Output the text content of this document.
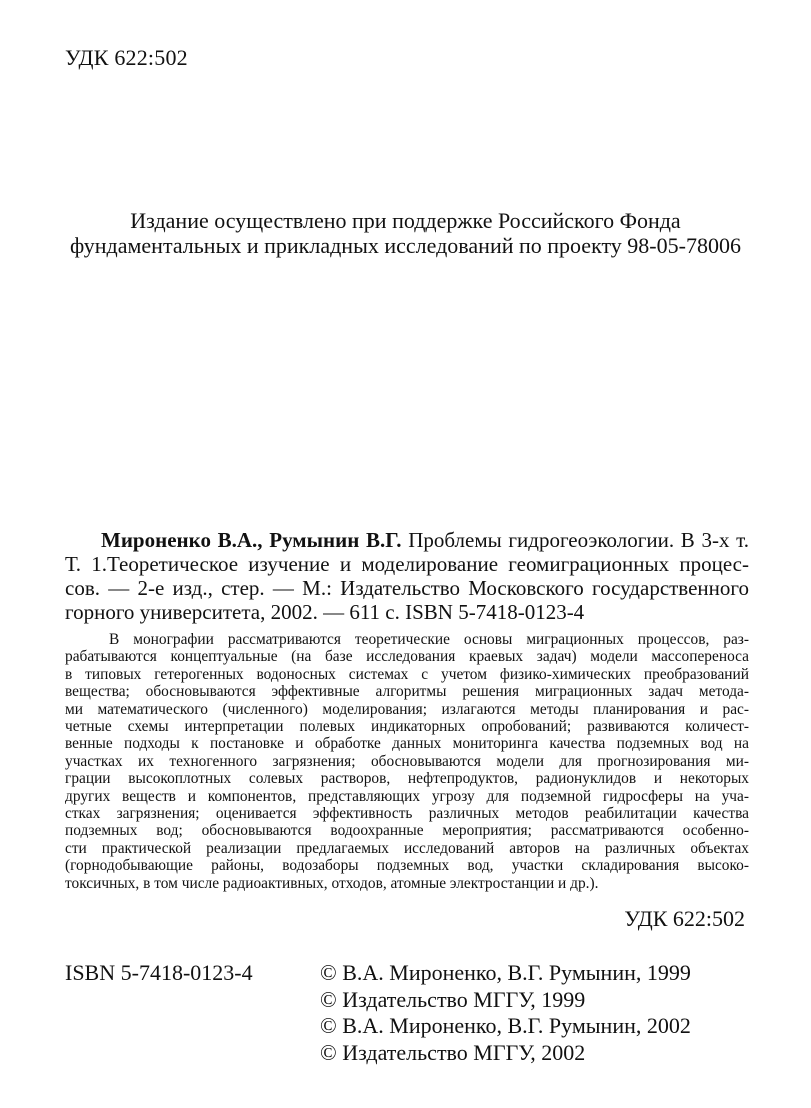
УДК 622:502
Издание осуществлено при поддержке Российского Фонда
фундаментальных и прикладных исследований по проекту 98-05-78006
Мироненко В.А., Румынин В.Г. Проблемы гидрогеоэкологии. В 3-х т.
Т. 1.Теоретическое изучение и моделирование геомиграционных процес-
сов. — 2-е изд., стер. — М.: Издательство Московского государственного
горного университета, 2002. — 611 с. ISBN 5-7418-0123-4
В монографии рассматриваются теоретические основы миграционных процессов, раз-
рабатываются концептуальные (на базе исследования краевых задач) модели массопереноса
в типовых гетерогенных водоносных системах с учетом физико-химических преобразований
вещества; обосновываются эффективные алгоритмы решения миграционных задач метода-
ми математического (численного) моделирования; излагаются методы планирования и рас-
четные схемы интерпретации полевых индикаторных опробований; развиваются количест-
венные подходы к постановке и обработке данных мониторинга качества подземных вод на
участках их техногенного загрязнения; обосновываются модели для прогнозирования ми-
грации высокоплотных солевых растворов, нефтепродуктов, радионуклидов и некоторых
других веществ и компонентов, представляющих угрозу для подземной гидросферы на уча-
стках загрязнения; оценивается эффективность различных методов реабилитации качества
подземных вод; обосновываются водоохранные мероприятия; рассматриваются особенно-
сти практической реализации предлагаемых исследований авторов на различных объектах
(горнодобывающие районы, водозаборы подземных вод, участки складирования высоко-
токсичных, в том числе радиоактивных, отходов, атомные электростанции и др.).
УДК 622:502
ISBN 5-7418-0123-4	© В.А. Мироненко, В.Г. Румынин, 1999
© Издательство МГГУ, 1999
© В.А. Мироненко, В.Г. Румынин, 2002
© Издательство МГГУ, 2002
